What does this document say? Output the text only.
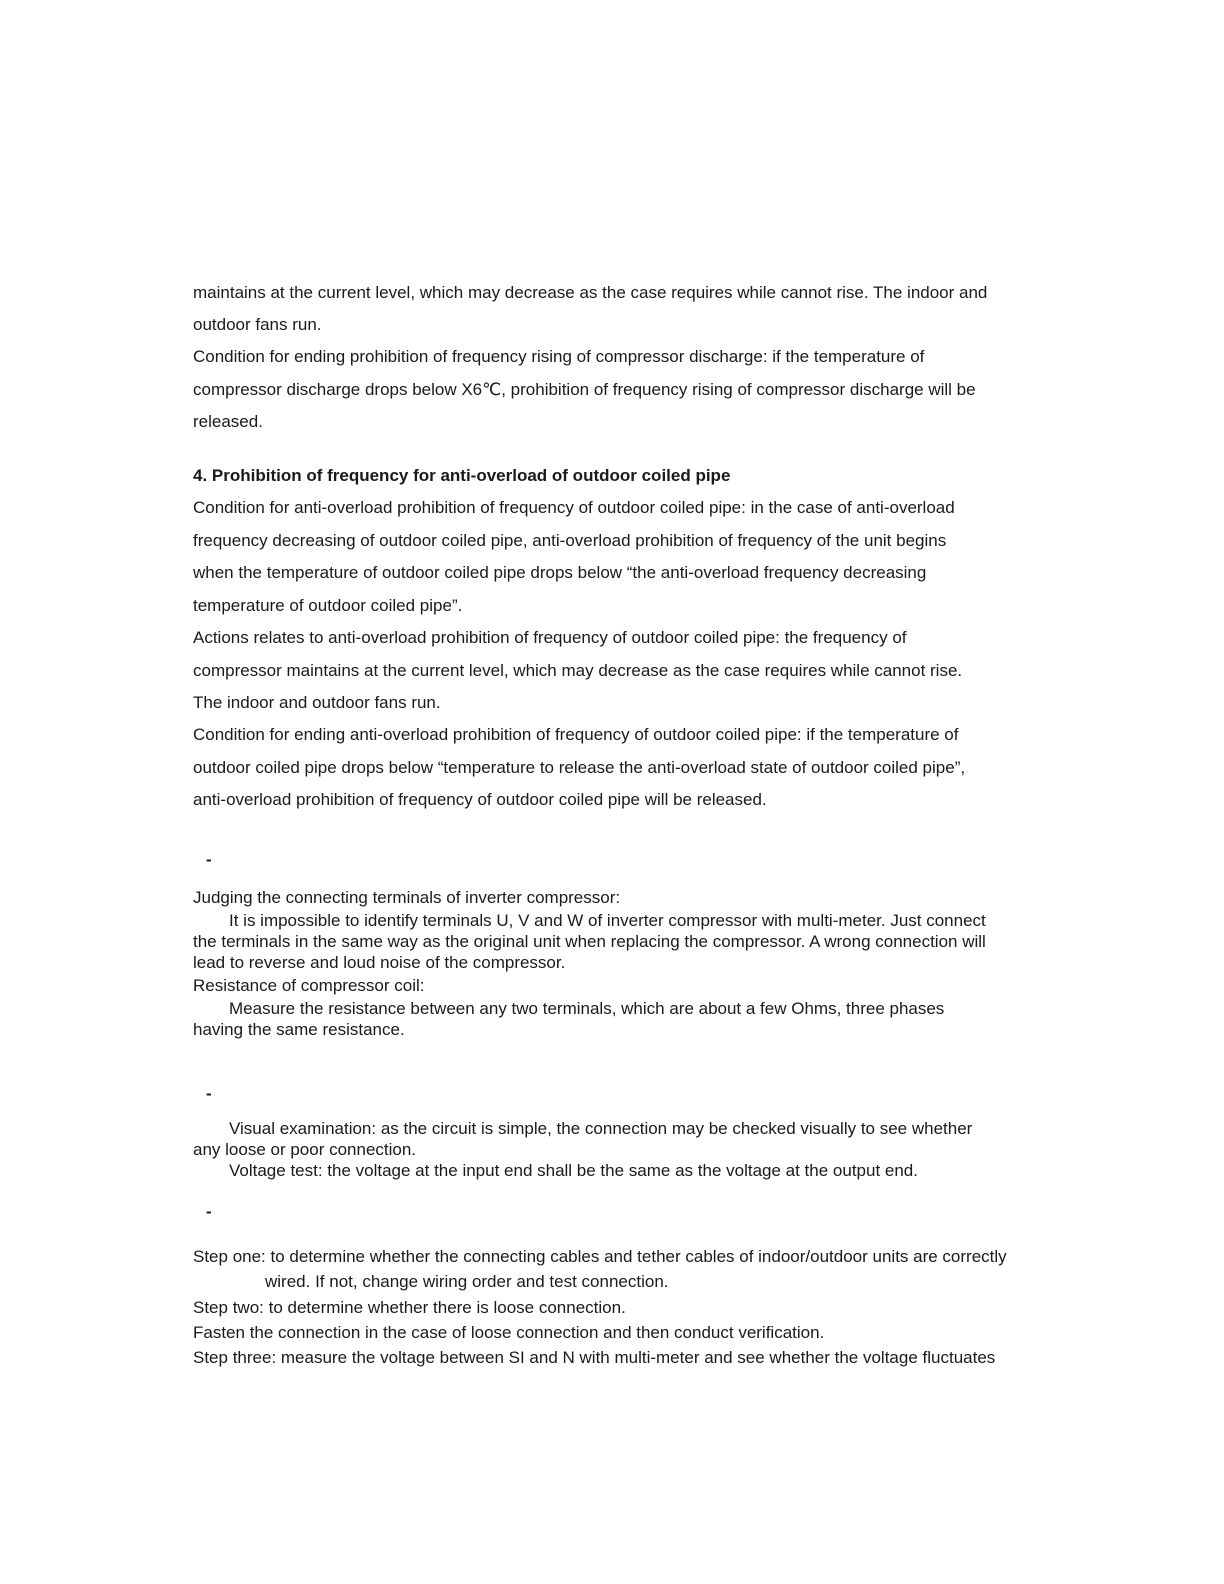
maintains at the current level, which may decrease as the case requires while cannot rise. The indoor and

outdoor fans run.

Condition for ending prohibition of frequency rising of compressor discharge: if the temperature of

compressor discharge drops below X6℃, prohibition of frequency rising of compressor discharge will be

released.

4. Prohibition of frequency for anti-overload of outdoor coiled pipe

Condition for anti-overload prohibition of frequency of outdoor coiled pipe: in the case of anti-overload

frequency decreasing of outdoor coiled pipe, anti-overload prohibition of frequency of the unit begins

when the temperature of outdoor coiled pipe drops below “the anti-overload frequency decreasing

temperature of outdoor coiled pipe”.

Actions relates to anti-overload prohibition of frequency of outdoor coiled pipe: the frequency of

compressor maintains at the current level, which may decrease as the case requires while cannot rise.

The indoor and outdoor fans run.

Condition for ending anti-overload prohibition of frequency of outdoor coiled pipe: if the temperature of

outdoor coiled pipe drops below “temperature to release the anti-overload state of outdoor coiled pipe”,

anti-overload prohibition of frequency of outdoor coiled pipe will be released.

-

Judging the connecting terminals of inverter compressor:

It is impossible to identify terminals U, V and W of inverter compressor with multi-meter. Just connect

the terminals in the same way as the original unit when replacing the compressor. A wrong connection will

lead to reverse and loud noise of the compressor.

Resistance of compressor coil:

Measure the resistance between any two terminals, which are about a few Ohms, three phases

having the same resistance.

-

Visual examination: as the circuit is simple, the connection may be checked visually to see whether

any loose or poor connection.

Voltage test: the voltage at the input end shall be the same as the voltage at the output end.

-

Step one: to determine whether the connecting cables and tether cables of indoor/outdoor units are correctly

wired. If not, change wiring order and test connection.

Step two: to determine whether there is loose connection.

Fasten the connection in the case of loose connection and then conduct verification.

Step three: measure the voltage between SI and N with multi-meter and see whether the voltage fluctuates
